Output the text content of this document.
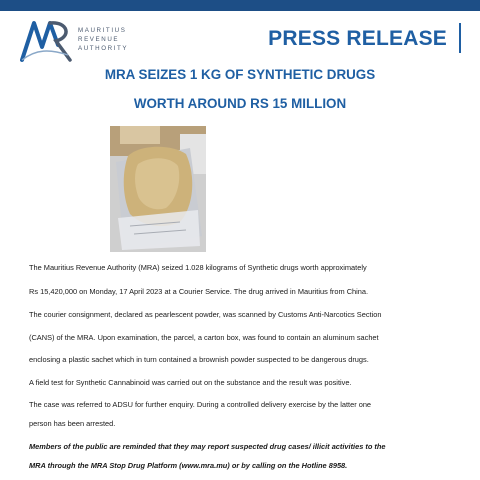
MAURITIUS
REVENUE
AUTHORITY	PRESS RELEASE
MRA SEIZES 1 KG OF SYNTHETIC DRUGS
WORTH AROUND RS 15 MILLION

The Mauritius Revenue Authority (MRA) seized 1.028 kilograms of Synthetic drugs worth approximately

Rs 15,420,000 on Monday, 17 April 2023 at a Courier Service. The drug arrived in Mauritius from China.

The courier consignment, declared as pearlescent powder, was scanned by Customs Anti-Narcotics Section

(CANS) of the MRA. Upon examination, the parcel, a carton box, was found to contain an aluminum sachet

enclosing a plastic sachet which in turn contained a brownish powder suspected to be dangerous drugs.

A field test for Synthetic Cannabinoid was carried out on the substance and the result was positive.

The case was referred to ADSU for further enquiry. During a controlled delivery exercise by the latter one

person has been arrested.

Members of the public are reminded that they may report suspected drug cases/ illicit activities to the

MRA through the MRA Stop Drug Platform (www.mra.mu) or by calling on the Hotline 8958.
